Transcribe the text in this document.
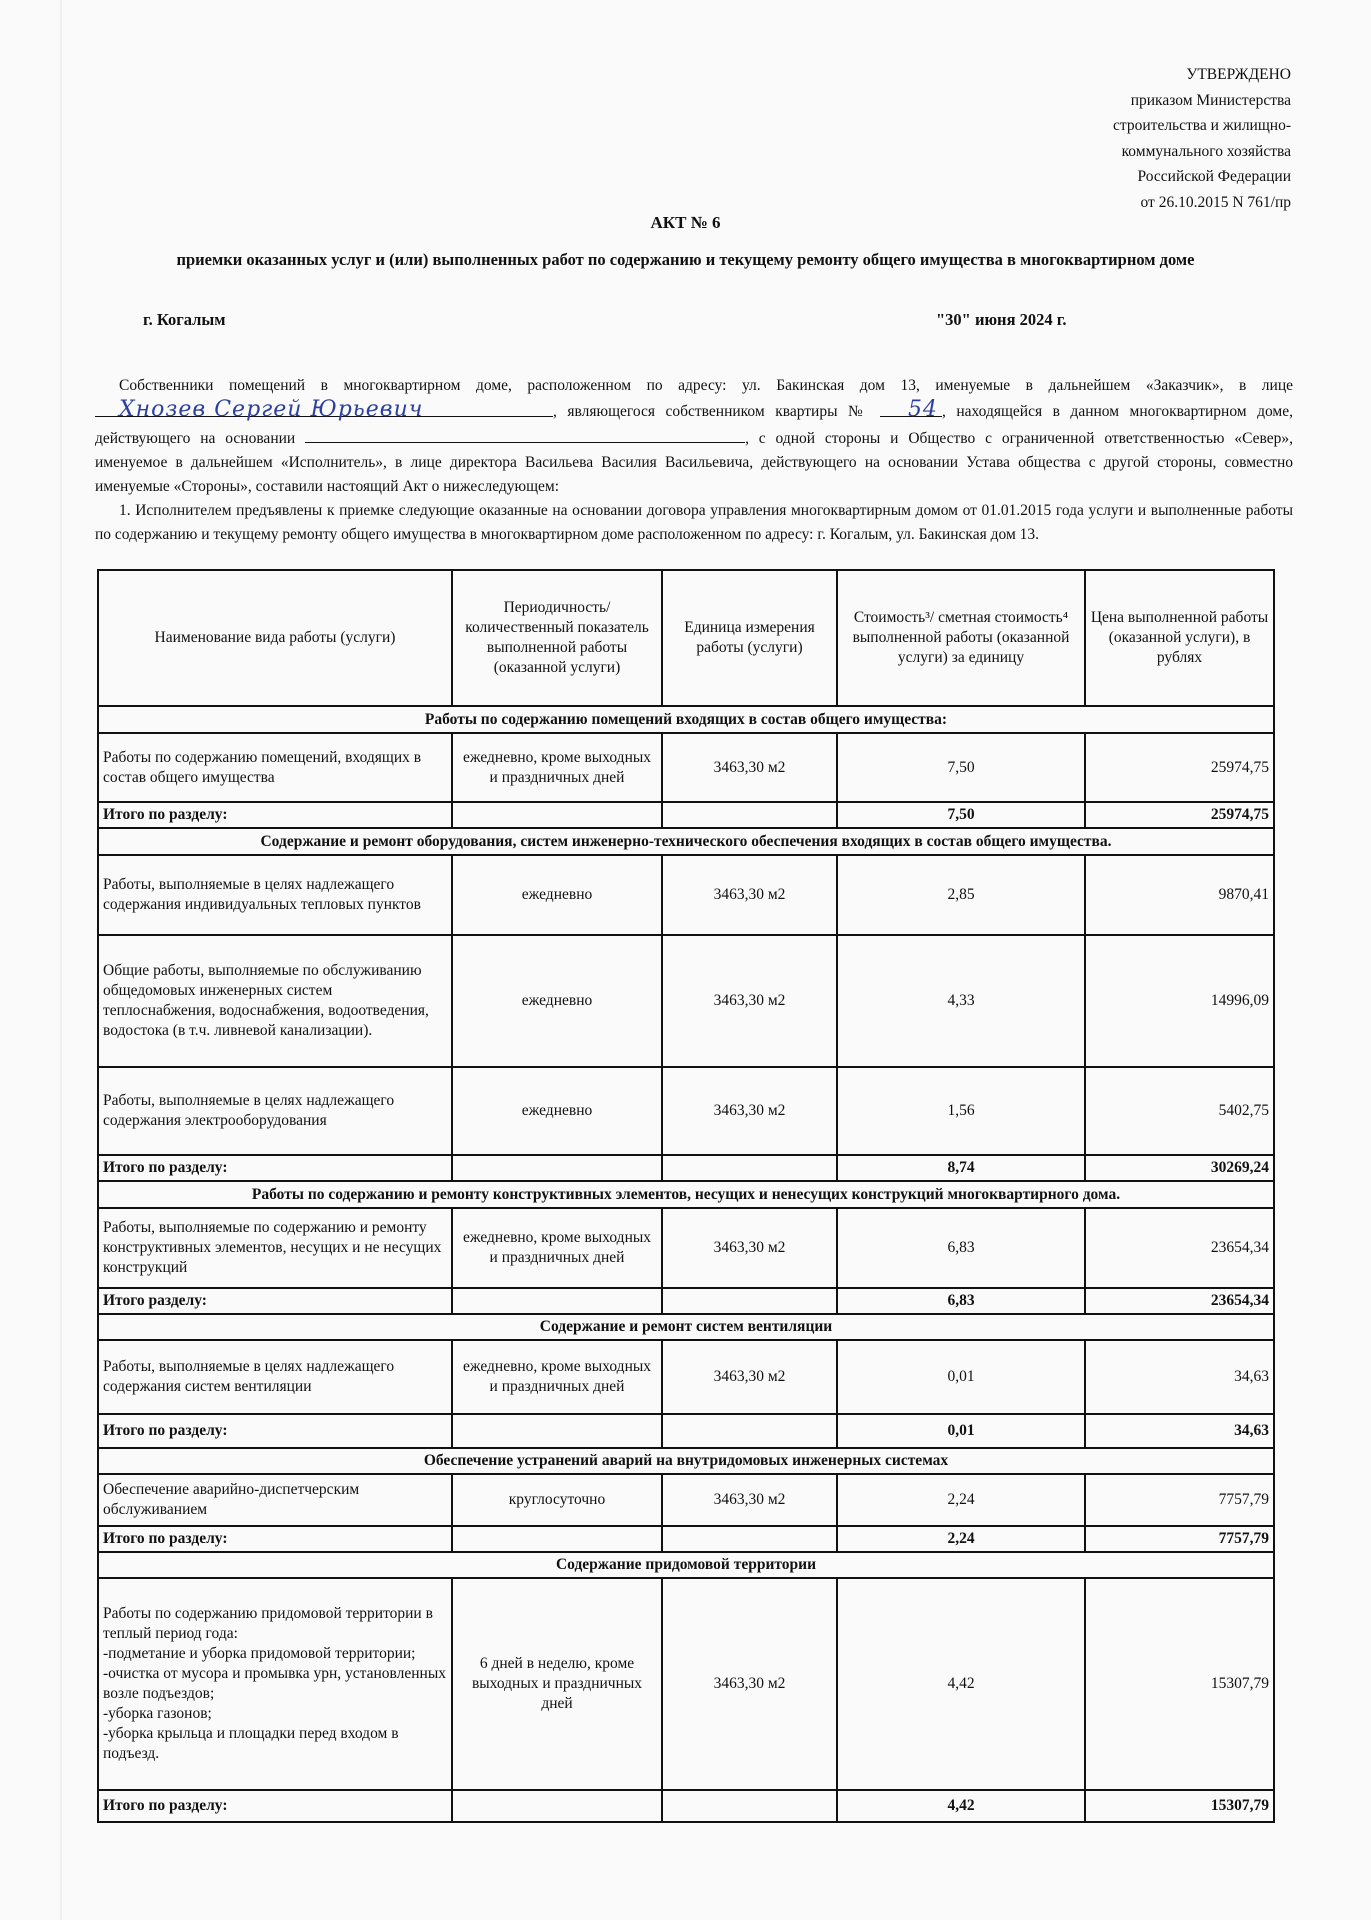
УТВЕРЖДЕНО
приказом Министерства
строительства и жилищно-
коммунального хозяйства
Российской Федерации
от 26.10.2015 N 761/пр
АКТ № 6
приемки оказанных услуг и (или) выполненных работ по содержанию и текущему ремонту общего имущества в многоквартирном доме
г. Когалым	"30" июня 2024 г.

Собственники помещений в многоквартирном доме, расположенном по адресу: ул. Бакинская дом 13, именуемые в дальнейшем «Заказчик», в лице Хнозев Сергей Юрьевич	, являющегося собственником квартиры № 54 , находящейся в данном многоквартирном доме, действующего на основании	, с одной стороны и Общество с ограниченной ответственностью «Север», именуемое в дальнейшем «Исполнитель», в лице директора Васильева Василия Васильевича, действующего на основании Устава общества с другой стороны, совместно именуемые «Стороны», составили настоящий Акт о нижеследующем:

1. Исполнителем предъявлены к приемке следующие оказанные на основании договора управления многоквартирным домом от 01.01.2015 года услуги и выполненные работы по содержанию и текущему ремонту общего имущества в многоквартирном доме расположенном по адресу: г. Когалым, ул. Бакинская дом 13.

Наименование вида работы (услуги)	Периодичность/ количественный показатель выполненной работы (оказанной услуги)	Единица измерения работы (услуги)	Стоимость³/ сметная стоимость⁴ выполненной работы (оказанной услуги) за единицу	Цена выполненной работы (оказанной услуги), в рублях
Работы по содержанию помещений входящих в состав общего имущества:				
Работы по содержанию помещений, входящих в состав общего имущества	ежедневно, кроме выходных и праздничных дней	3463,30 м2	7,50	25974,75
Итого по разделу:			7,50	25974,75
Содержание и ремонт оборудования, систем инженерно-технического обеспечения входящих в состав общего имущества.				
Работы, выполняемые в целях надлежащего содержания индивидуальных тепловых пунктов	ежедневно	3463,30 м2	2,85	9870,41
Общие работы, выполняемые по обслуживанию общедомовых инженерных систем теплоснабжения, водоснабжения, водоотведения, водостока (в т.ч. ливневой канализации).	ежедневно	3463,30 м2	4,33	14996,09
Работы, выполняемые в целях надлежащего содержания электрооборудования	ежедневно	3463,30 м2	1,56	5402,75
Итого по разделу:			8,74	30269,24
Работы по содержанию и ремонту конструктивных элементов, несущих и ненесущих конструкций многоквартирного дома.				
Работы, выполняемые по содержанию и ремонту конструктивных элементов, несущих и не несущих конструкций	ежедневно, кроме выходных и праздничных дней	3463,30 м2	6,83	23654,34
Итого разделу:			6,83	23654,34
Содержание и ремонт систем вентиляции				
Работы, выполняемые в целях надлежащего содержания систем вентиляции	ежедневно, кроме выходных и праздничных дней	3463,30 м2	0,01	34,63
Итого по разделу:			0,01	34,63
Обеспечение устранений аварий на внутридомовых инженерных системах				
Обеспечение аварийно-диспетчерским обслуживанием	круглосуточно	3463,30 м2	2,24	7757,79
Итого по разделу:			2,24	7757,79
Содержание придомовой территории				

Работы по содержанию придомовой территории в теплый период года:
-подметание и уборка придомовой территории;
-очистка от мусора и промывка урн, установленных возле подъездов;
-уборка газонов;
-уборка крыльца и площадки перед входом в подъезд.	6 дней в неделю, кроме выходных и праздничных дней	3463,30 м2	4,42	15307,79
Итого по разделу:			4,42	15307,79
